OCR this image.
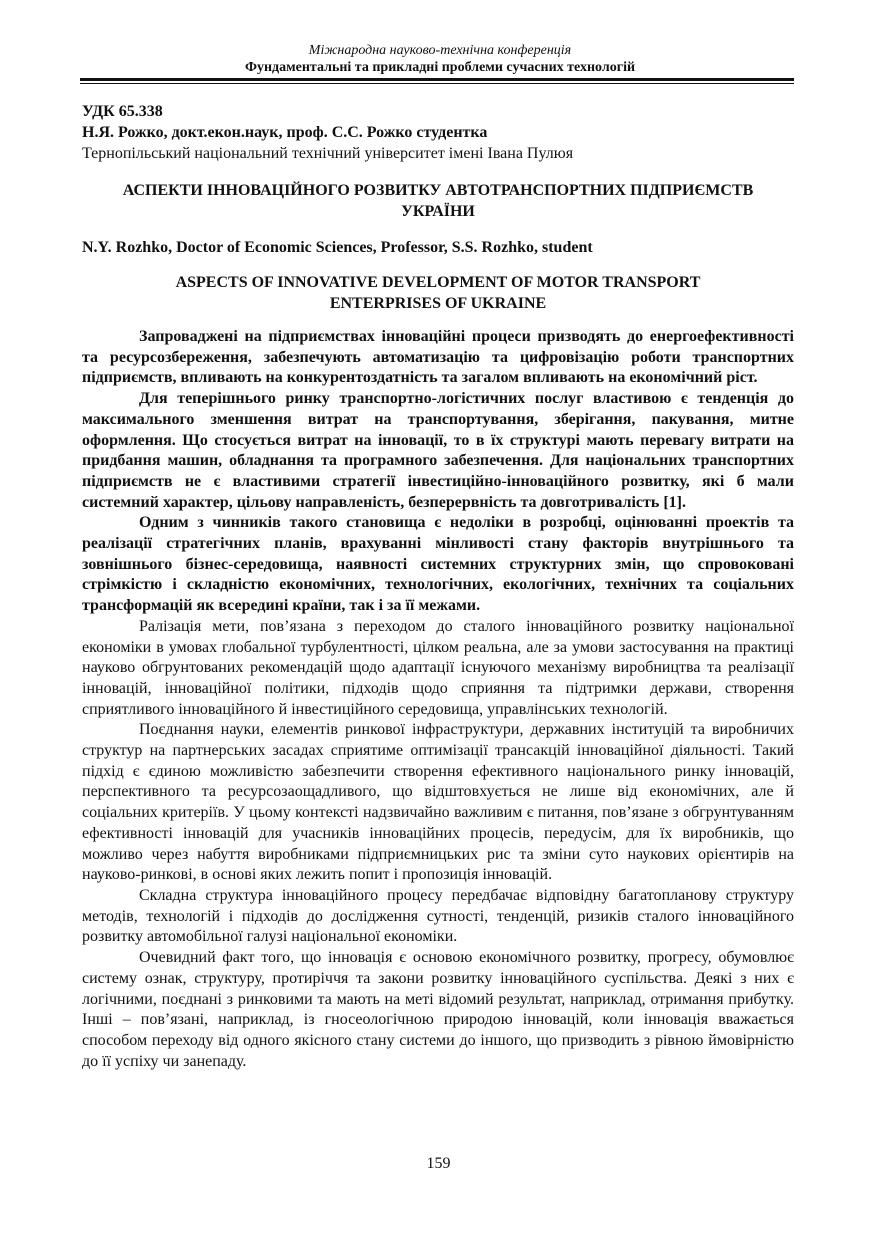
Міжнародна науково-технічна конференція
Фундаментальні та прикладні проблеми сучасних технологій
УДК 65.338
Н.Я. Рожко, докт.екон.наук, проф. С.С. Рожко студентка
Тернопільський національний технічний університет імені Івана Пулюя
АСПЕКТИ ІННОВАЦІЙНОГО РОЗВИТКУ АВТОТРАНСПОРТНИХ ПІДПРИЄМСТВ УКРАЇНИ
N.Y. Rozhko, Doctor of Economic Sciences, Professor, S.S. Rozhko, student
ASPECTS OF INNOVATIVE DEVELOPMENT OF MOTOR TRANSPORT ENTERPRISES OF UKRAINE

Запроваджені на підприємствах інноваційні процеси призводять до енергоефективності та ресурсозбереження, забезпечують автоматизацію та цифровізацію роботи транспортних підприємств, впливають на конкурентоздатність та загалом впливають на економічний ріст.

Для теперішнього ринку транспортно-логістичних послуг властивою є тенденція до максимального зменшення витрат на транспортування, зберігання, пакування, митне оформлення. Що стосується витрат на інновації, то в їх структурі мають перевагу витрати на придбання машин, обладнання та програмного забезпечення. Для національних транспортних підприємств не є властивими стратегії інвестиційно-інноваційного розвитку, які б мали системний характер, цільову направленість, безперервність та довготривалість [1].

Одним з чинників такого становища є недоліки в розробці, оцінюванні проектів та реалізації стратегічних планів, врахуванні мінливості стану факторів внутрішнього та зовнішнього бізнес-середовища, наявності системних структурних змін, що спровоковані стрімкістю і складністю економічних, технологічних, екологічних, технічних та соціальних трансформацій як всередині країни, так і за її межами.

Ралізація мети, пов’язана з переходом до сталого інноваційного розвитку національної економіки в умовах глобальної турбулентності, цілком реальна, але за умови застосування на практиці науково обгрунтованих рекомендацій щодо адаптації існуючого механізму виробництва та реалізації інновацій, інноваційної політики, підходів щодо сприяння та підтримки держави, створення сприятливого інноваційного й інвестиційного середовища, управлінських технологій.

Поєднання науки, елементів ринкової інфраструктури, державних інституцій та виробничих структур на партнерських засадах сприятиме оптимізації трансакцій інноваційної діяльності. Такий підхід є єдиною можливістю забезпечити створення ефективного національного ринку інновацій, перспективного та ресурсозаощадливого, що відштовхується не лише від економічних, але й соціальних критеріїв. У цьому контексті надзвичайно важливим є питання, пов’язане з обгрунтуванням ефективності інновацій для учасників інноваційних процесів, передусім, для їх виробників, що можливо через набуття виробниками підприємницьких рис та зміни суто наукових орієнтирів на науково-ринкові, в основі яких лежить попит і пропозиція інновацій.

Складна структура інноваційного процесу передбачає відповідну багатопланову структуру методів, технологій і підходів до дослідження сутності, тенденцій, ризиків сталого інноваційного розвитку автомобільної галузі національної економіки.

Очевидний факт того, що інновація є основою економічного розвитку, прогресу, обумовлює систему ознак, структуру, протиріччя та закони розвитку інноваційного суспільства. Деякі з них є логічними, поєднані з ринковими та мають на меті відомий результат, наприклад, отримання прибутку. Інші – пов’язані, наприклад, із гносеологічною природою інновацій, коли інновація вважається способом переходу від одного якісного стану системи до іншого, що призводить з рівною ймовірністю до її успіху чи занепаду.

159
